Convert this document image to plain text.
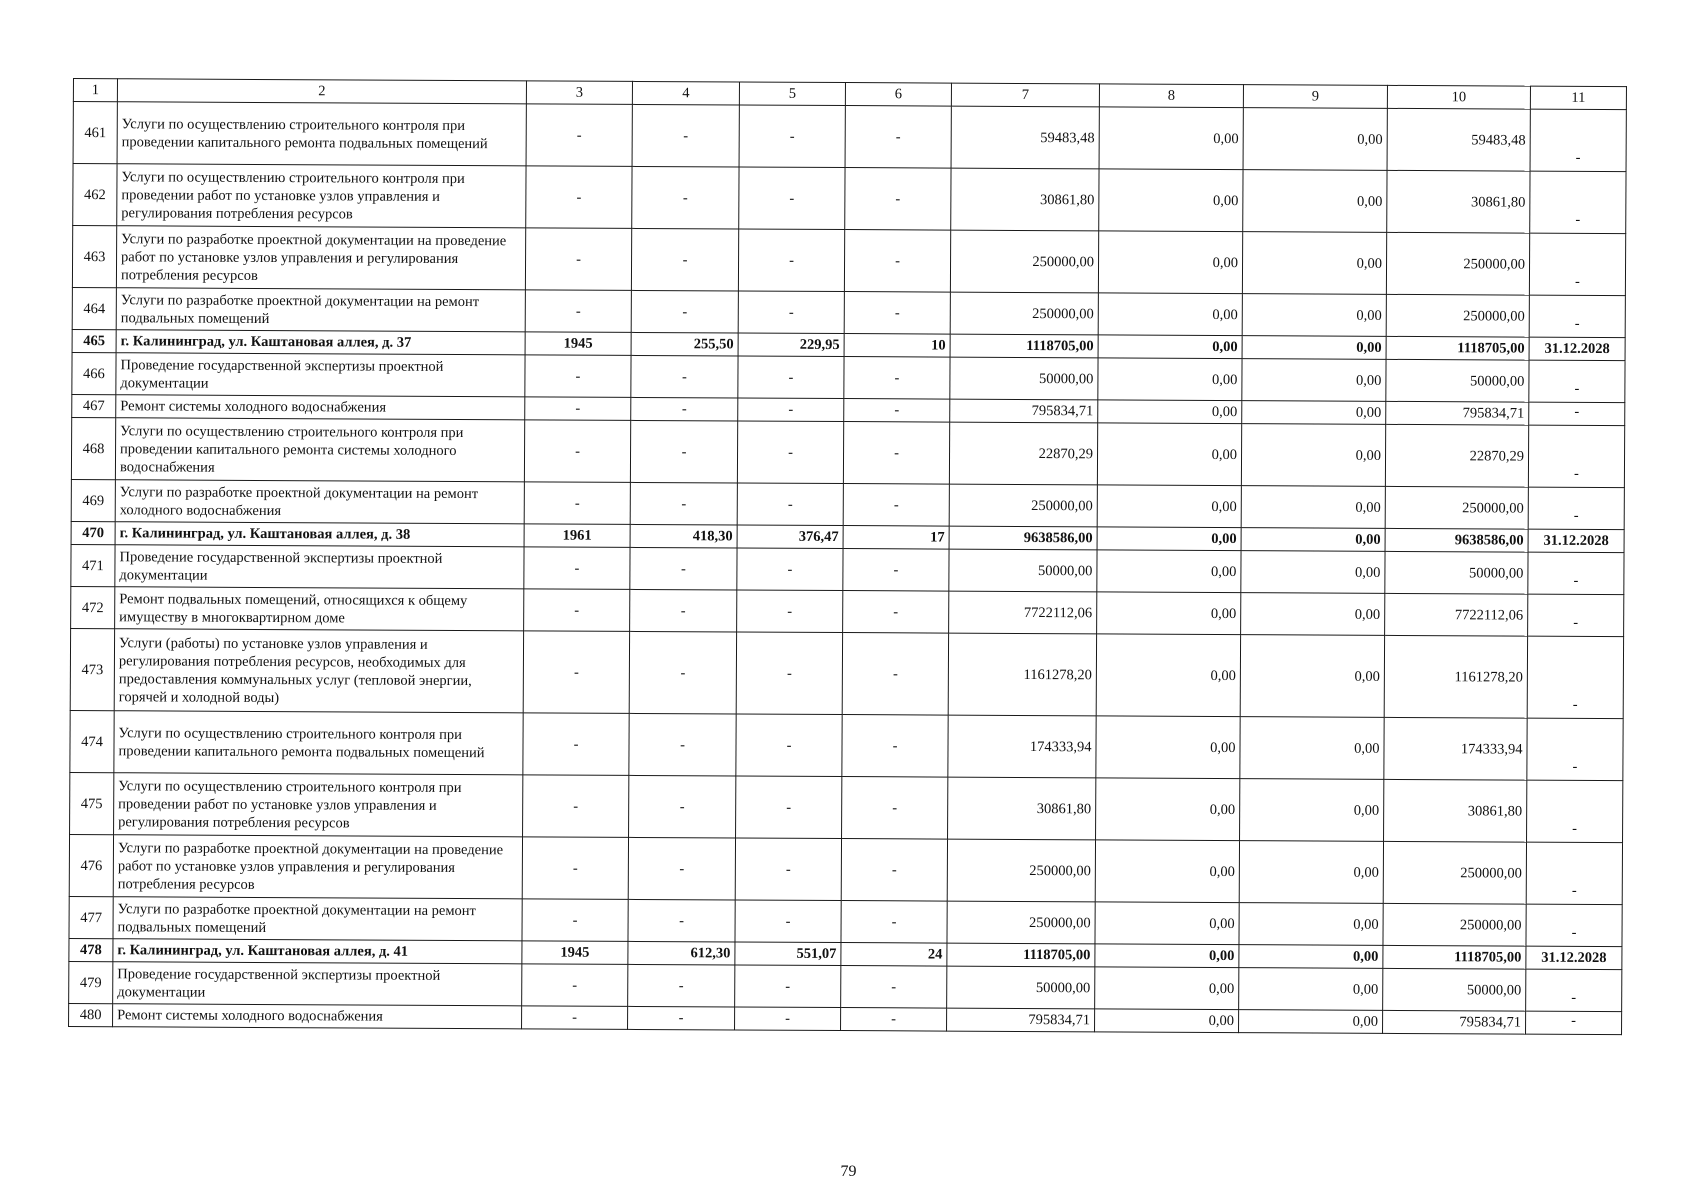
1	2	3	4	5	6	7	8	9	10	11
461	Услуги по осуществлению строительного контроля при проведении капитального ремонта подвальных помещений	-	-	-	-	59483,48	0,00	0,00	59483,48	-
462	Услуги по осуществлению строительного контроля при проведении работ по установке узлов управления и регулирования потребления ресурсов	-	-	-	-	30861,80	0,00	0,00	30861,80	-
463	Услуги по разработке проектной документации на проведение работ по установке узлов управления и регулирования потребления ресурсов	-	-	-	-	250000,00	0,00	0,00	250000,00	-
464	Услуги по разработке проектной документации на ремонт подвальных помещений	-	-	-	-	250000,00	0,00	0,00	250000,00	-
465	г. Калининград, ул. Каштановая аллея, д. 37	1945	255,50	229,95	10	1118705,00	0,00	0,00	1118705,00	31.12.2028
466	Проведение государственной экспертизы проектной документации	-	-	-	-	50000,00	0,00	0,00	50000,00	-
467	Ремонт системы холодного водоснабжения	-	-	-	-	795834,71	0,00	0,00	795834,71	-
468	Услуги по осуществлению строительного контроля при проведении капитального ремонта системы холодного водоснабжения	-	-	-	-	22870,29	0,00	0,00	22870,29	-
469	Услуги по разработке проектной документации на ремонт холодного водоснабжения	-	-	-	-	250000,00	0,00	0,00	250000,00	-
470	г. Калининград, ул. Каштановая аллея, д. 38	1961	418,30	376,47	17	9638586,00	0,00	0,00	9638586,00	31.12.2028
471	Проведение государственной экспертизы проектной документации	-	-	-	-	50000,00	0,00	0,00	50000,00	-
472	Ремонт подвальных помещений, относящихся к общему имуществу в многоквартирном доме	-	-	-	-	7722112,06	0,00	0,00	7722112,06	-
473	Услуги (работы) по установке узлов управления и регулирования потребления ресурсов, необходимых для предоставления коммунальных услуг (тепловой энергии, горячей и холодной воды)	-	-	-	-	1161278,20	0,00	0,00	1161278,20	-
474	Услуги по осуществлению строительного контроля при проведении капитального ремонта подвальных помещений	-	-	-	-	174333,94	0,00	0,00	174333,94	-
475	Услуги по осуществлению строительного контроля при проведении работ по установке узлов управления и регулирования потребления ресурсов	-	-	-	-	30861,80	0,00	0,00	30861,80	-
476	Услуги по разработке проектной документации на проведение работ по установке узлов управления и регулирования потребления ресурсов	-	-	-	-	250000,00	0,00	0,00	250000,00	-
477	Услуги по разработке проектной документации на ремонт подвальных помещений	-	-	-	-	250000,00	0,00	0,00	250000,00	-
478	г. Калининград, ул. Каштановая аллея, д. 41	1945	612,30	551,07	24	1118705,00	0,00	0,00	1118705,00	31.12.2028
479	Проведение государственной экспертизы проектной документации	-	-	-	-	50000,00	0,00	0,00	50000,00	-
480	Ремонт системы холодного водоснабжения	-	-	-	-	795834,71	0,00	0,00	795834,71	-
79
